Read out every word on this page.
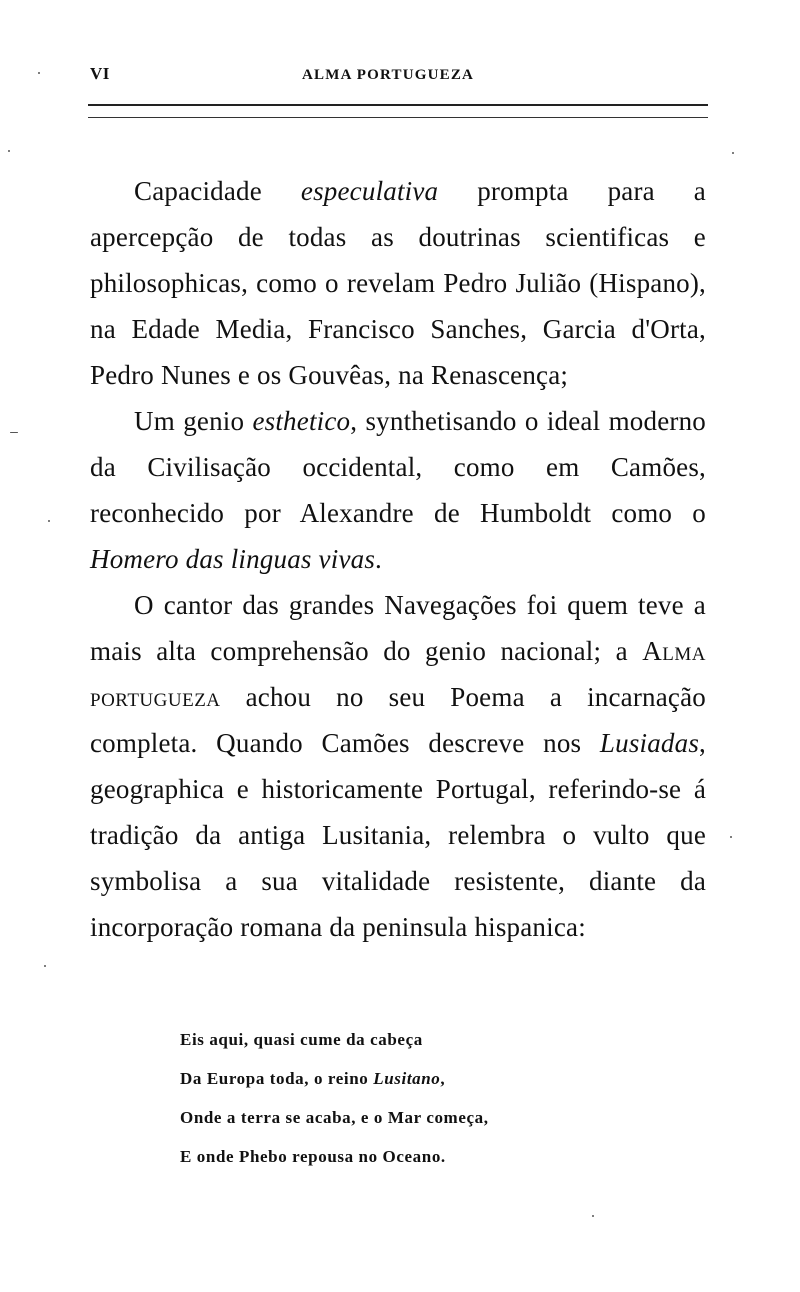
VI	ALMA PORTUGUEZA

Capacidade especulativa prompta para a apercepção de todas as doutrinas scientificas e philosophicas, como o revelam Pedro Julião (Hispano), na Edade Media, Francisco Sanches, Garcia d'Orta, Pedro Nunes e os Gouvêas, na Renascença;

Um genio esthetico, synthetisando o ideal moderno da Civilisação occidental, como em Camões, reconhecido por Alexandre de Humboldt como o Homero das linguas vivas.

O cantor das grandes Navegações foi quem teve a mais alta comprehensão do genio nacional; a Alma portugueza achou no seu Poema a incarnação completa. Quando Camões descreve nos Lusiadas, geographica e historicamente Portugal, referindo-se á tradição da antiga Lusitania, relembra o vulto que symbolisa a sua vitalidade resistente, diante da incorporação romana da peninsula hispanica:

Eis aqui, quasi cume da cabeça
Da Europa toda, o reino Lusitano,
Onde a terra se acaba, e o Mar começa,
E onde Phebo repousa no Oceano.
